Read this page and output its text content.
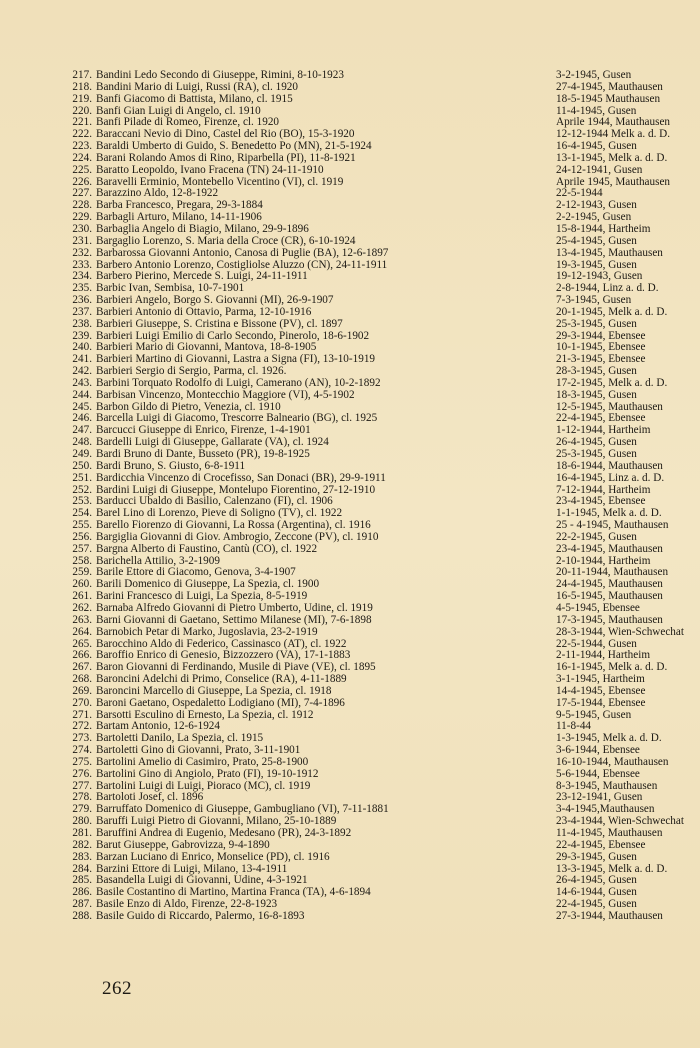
217. Bandini Ledo Secondo di Giuseppe, Rimini, 8-10-1923	3-2-1945, Gusen
218. Bandini Mario di Luigi, Russi (RA), cl. 1920	27-4-1945, Mauthausen
219. Banfi Giacomo di Battista, Milano, cl. 1915	18-5-1945 Mauthausen
220. Banfi Gian Luigi di Angelo, cl. 1910	11-4-1945, Gusen
221. Banfi Pilade di Romeo, Firenze, cl. 1920	Aprile 1944, Mauthausen
222. Baraccani Nevio di Dino, Castel del Rio (BO), 15-3-1920	12-12-1944 Melk a. d. D.
223. Baraldi Umberto di Guido, S. Benedetto Po (MN), 21-5-1924	16-4-1945, Gusen
224. Barani Rolando Amos di Rino, Riparbella (PI), 11-8-1921	13-1-1945, Melk a. d. D.
225. Baratto Leopoldo, Ivano Fracena (TN) 24-11-1910	24-12-1941, Gusen
226. Baravelli Erminio, Montebello Vicentino (VI), cl. 1919	Aprile 1945, Mauthausen
227. Barazzino Aldo, 12-8-1922	22-5-1944
228. Barba Francesco, Pregara, 29-3-1884	2-12-1943, Gusen
229. Barbagli Arturo, Milano, 14-11-1906	2-2-1945, Gusen
230. Barbaglia Angelo di Biagio, Milano, 29-9-1896	15-8-1944, Hartheim
231. Bargaglio Lorenzo, S. Maria della Croce (CR), 6-10-1924	25-4-1945, Gusen
232. Barbarossa Giovanni Antonio, Canosa di Puglie (BA), 12-6-1897	13-4-1945, Mauthausen
233. Barbero Antonio Lorenzo, Costigliolse Aluzzo (CN), 24-11-1911	19-3-1945, Gusen
234. Barbero Pierino, Mercede S. Luigi, 24-11-1911	19-12-1943, Gusen
235. Barbic Ivan, Sembisa, 10-7-1901	2-8-1944, Linz a. d. D.
236. Barbieri Angelo, Borgo S. Giovanni (MI), 26-9-1907	7-3-1945, Gusen
237. Barbieri Antonio di Ottavio, Parma, 12-10-1916	20-1-1945, Melk a. d. D.
238. Barbieri Giuseppe, S. Cristina e Bissone (PV), cl. 1897	25-3-1945, Gusen
239. Barbieri Luigi Emilio di Carlo Secondo, Pinerolo, 18-6-1902	29-3-1944, Ebensee
240. Barbieri Mario di Giovanni, Mantova, 18-8-1905	10-1-1945, Ebensee
241. Barbieri Martino di Giovanni, Lastra a Signa (FI), 13-10-1919	21-3-1945, Ebensee
242. Barbieri Sergio di Sergio, Parma, cl. 1926.	28-3-1945, Gusen
243. Barbini Torquato Rodolfo di Luigi, Camerano (AN), 10-2-1892	17-2-1945, Melk a. d. D.
244. Barbisan Vincenzo, Montecchio Maggiore (VI), 4-5-1902	18-3-1945, Gusen
245. Barbon Gildo di Pietro, Venezia, cl. 1910	12-5-1945, Mauthausen
246. Barcella Luigi di Giacomo, Trescorre Balneario (BG), cl. 1925	22-4-1945, Ebensee
247. Barcucci Giuseppe di Enrico, Firenze, 1-4-1901	1-12-1944, Hartheim
248. Bardelli Luigi di Giuseppe, Gallarate (VA), cl. 1924	26-4-1945, Gusen
249. Bardi Bruno di Dante, Busseto (PR), 19-8-1925	25-3-1945, Gusen
250. Bardi Bruno, S. Giusto, 6-8-1911	18-6-1944, Mauthausen
251. Bardicchia Vincenzo di Crocefisso, San Donaci (BR), 29-9-1911	16-4-1945, Linz a. d. D.
252. Bardini Luigi di Giuseppe, Montelupo Fiorentino, 27-12-1910	7-12-1944, Hartheim
253. Barducci Ubaldo di Basilio, Calenzano (FI), cl. 1906	23-4-1945, Ebensee
254. Barel Lino di Lorenzo, Pieve di Soligno (TV), cl. 1922	1-1-1945, Melk a. d. D.
255. Barello Fiorenzo di Giovanni, La Rossa (Argentina), cl. 1916	25 - 4-1945, Mauthausen
256. Bargiglia Giovanni di Giov. Ambrogio, Zeccone (PV), cl. 1910	22-2-1945, Gusen
257. Bargna Alberto di Faustino, Cantù (CO), cl. 1922	23-4-1945, Mauthausen
258. Barichella Attilio, 3-2-1909	2-10-1944, Hartheim
259. Barile Ettore di Giacomo, Genova, 3-4-1907	20-11-1944, Mauthausen
260. Barili Domenico di Giuseppe, La Spezia, cl. 1900	24-4-1945, Mauthausen
261. Barini Francesco di Luigi, La Spezia, 8-5-1919	16-5-1945, Mauthausen
262. Barnaba Alfredo Giovanni di Pietro Umberto, Udine, cl. 1919	4-5-1945, Ebensee
263. Barni Giovanni di Gaetano, Settimo Milanese (MI), 7-6-1898	17-3-1945, Mauthausen
264. Barnobich Petar di Marko, Jugoslavia, 23-2-1919	28-3-1944, Wien-Schwechat
265. Barocchino Aldo di Federico, Cassinasco (AT), cl. 1922	22-5-1944, Gusen
266. Baroffio Enrico di Genesio, Bizzozzero (VA), 17-1-1883	2-11-1944, Hartheim
267. Baron Giovanni di Ferdinando, Musile di Piave (VE), cl. 1895	16-1-1945, Melk a. d. D.
268. Baroncini Adelchi di Primo, Conselice (RA), 4-11-1889	3-1-1945, Hartheim
269. Baroncini Marcello di Giuseppe, La Spezia, cl. 1918	14-4-1945, Ebensee
270. Baroni Gaetano, Ospedaletto Lodigiano (MI), 7-4-1896	17-5-1944, Ebensee
271. Barsotti Esculino di Ernesto, La Spezia, cl. 1912	9-5-1945, Gusen
272. Bartam Antonio, 12-6-1924	11-8-44
273. Bartoletti Danilo, La Spezia, cl. 1915	1-3-1945, Melk a. d. D.
274. Bartoletti Gino di Giovanni, Prato, 3-11-1901	3-6-1944, Ebensee
275. Bartolini Amelio di Casimiro, Prato, 25-8-1900	16-10-1944, Mauthausen
276. Bartolini Gino di Angiolo, Prato (FI), 19-10-1912	5-6-1944, Ebensee
277. Bartolini Luigi di Luigi, Pioraco (MC), cl. 1919	8-3-1945, Mauthausen
278. Bartoloti Josef, cl. 1896	23-12-1941, Gusen
279. Barruffato Domenico di Giuseppe, Gambugliano (VI), 7-11-1881	3-4-1945,Mauthausen
280. Baruffi Luigi Pietro di Giovanni, Milano, 25-10-1889	23-4-1944, Wien-Schwechat
281. Baruffini Andrea di Eugenio, Medesano (PR), 24-3-1892	11-4-1945, Mauthausen
282. Barut Giuseppe, Gabrovizza, 9-4-1890	22-4-1945, Ebensee
283. Barzan Luciano di Enrico, Monselice (PD), cl. 1916	29-3-1945, Gusen
284. Barzini Ettore di Luigi, Milano, 13-4-1911	13-3-1945, Melk a. d. D.
285. Basandella Luigi di Giovanni, Udine, 4-3-1921	26-4-1945, Gusen
286. Basile Costantino di Martino, Martina Franca (TA), 4-6-1894	14-6-1944, Gusen
287. Basile Enzo di Aldo, Firenze, 22-8-1923	22-4-1945, Gusen
288. Basile Guido di Riccardo, Palermo, 16-8-1893	27-3-1944, Mauthausen
262
